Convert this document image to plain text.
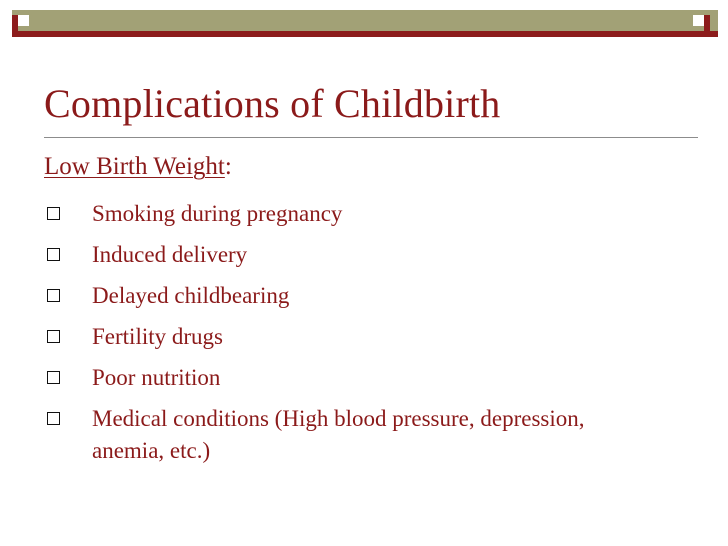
Complications of Childbirth
Low Birth Weight:
Smoking during pregnancy
Induced delivery
Delayed childbearing
Fertility drugs
Poor nutrition
Medical conditions (High blood pressure, depression, anemia, etc.)
